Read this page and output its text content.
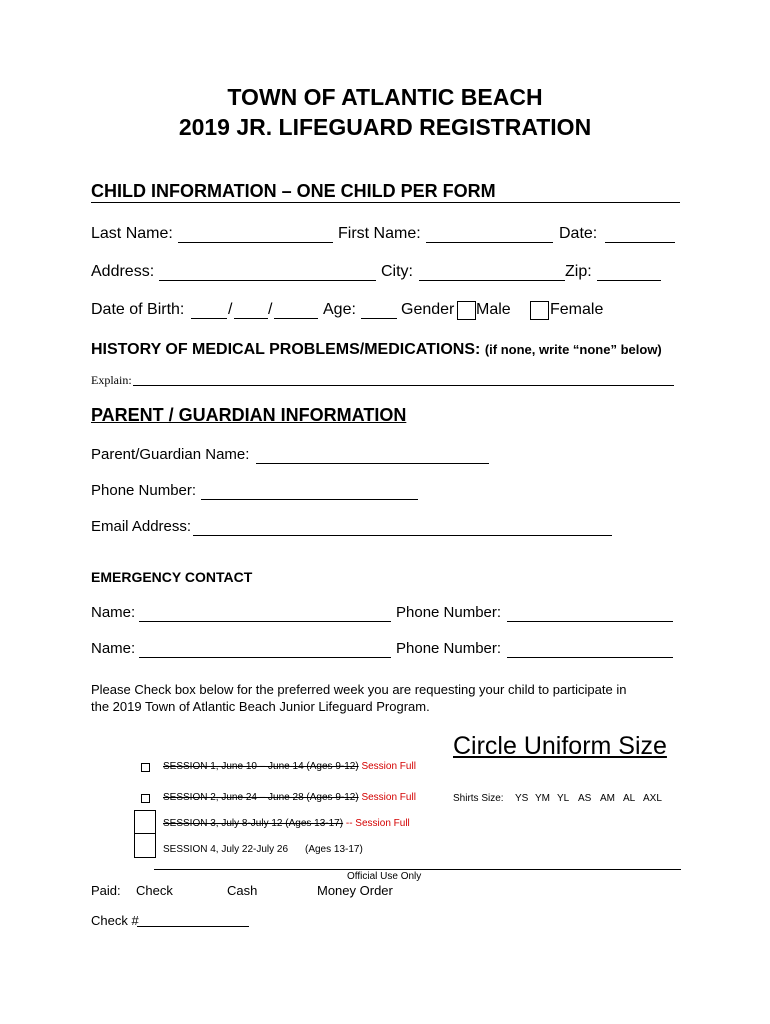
TOWN OF ATLANTIC BEACH
2019 JR. LIFEGUARD REGISTRATION
CHILD INFORMATION – ONE CHILD PER FORM
Last Name:	First Name:	Date:
Address:	City:	Zip:
Date of Birth:	/ /	Age:	Gender Male Female
HISTORY OF MEDICAL PROBLEMS/MEDICATIONS: (if none, write “none” below)
Explain:
PARENT / GUARDIAN INFORMATION
Parent/Guardian Name:
Phone Number:
Email Address:
EMERGENCY CONTACT
Name:	Phone Number:
Name:	Phone Number:
Please Check box below for the preferred week you are requesting your child to participate in
the 2019 Town of Atlantic Beach Junior Lifeguard Program.
Circle Uniform Size
Shirts Size: YS YM YL AS AM AL AXL
SESSION 1, June 10 – June 14 (Ages 9-12) Session Full
SESSION 2, June 24 – June 28 (Ages 9-12) Session Full
SESSION 3, July 8-July 12 (Ages 13-17) -- Session Full
SESSION 4, July 22-July 26 (Ages 13-17)
Official Use Only
Paid: Check	Cash	Money Order
Check #
